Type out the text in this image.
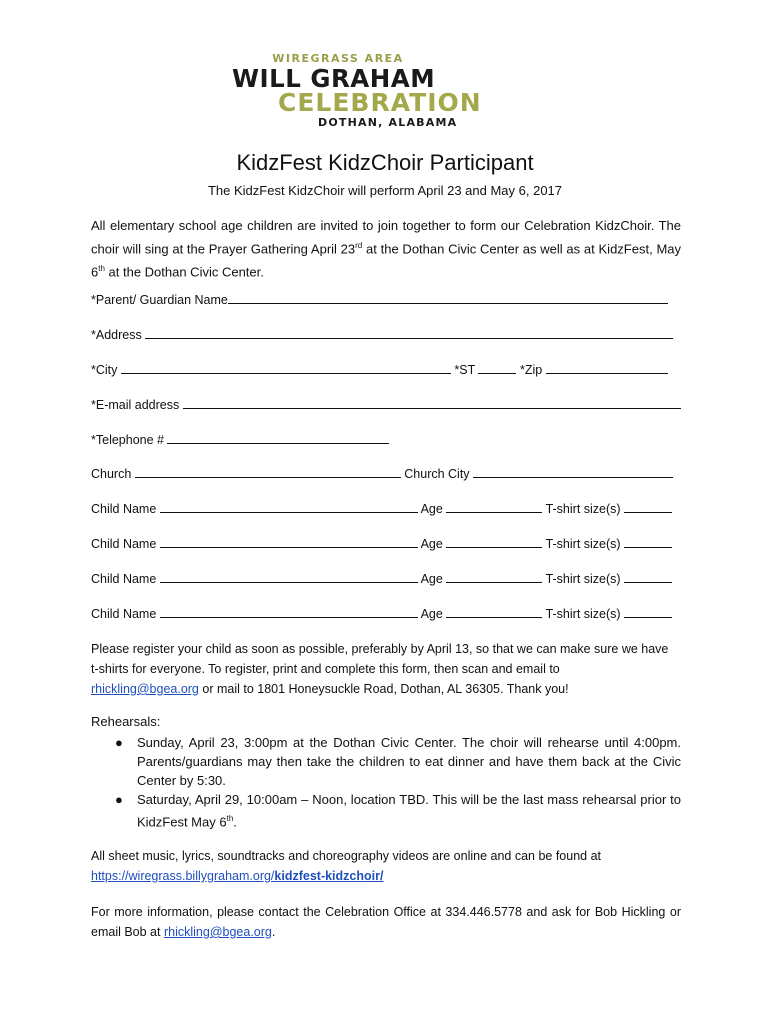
WIREGRASS AREA
WILL GRAHAM
CELEBRATION
DOTHAN, ALABAMA
KidzFest KidzChoir Participant
The KidzFest KidzChoir will perform April 23 and May 6, 2017
All elementary school age children are invited to join together to form our Celebration KidzChoir. The choir will sing at the Prayer Gathering April 23rd at the Dothan Civic Center as well as at KidzFest, May 6th at the Dothan Civic Center.
*Parent/ Guardian Name
*Address
*City	*ST	*Zip
*E-mail address
*Telephone #
Church	Church City
Child Name	Age	T-shirt size(s)
Child Name	Age	T-shirt size(s)
Child Name	Age	T-shirt size(s)
Child Name	Age	T-shirt size(s)
Please register your child as soon as possible, preferably by April 13, so that we can make sure we have
t-shirts for everyone. To register, print and complete this form, then scan and email to
rhickling@bgea.org or mail to 1801 Honeysuckle Road, Dothan, AL 36305. Thank you!
Rehearsals:
● Sunday, April 23, 3:00pm at the Dothan Civic Center. The choir will rehearse until 4:00pm. Parents/guardians may then take the children to eat dinner and have them back at the Civic Center by 5:30.
● Saturday, April 29, 10:00am – Noon, location TBD. This will be the last mass rehearsal prior to KidzFest May 6th.
All sheet music, lyrics, soundtracks and choreography videos are online and can be found at
https://wiregrass.billygraham.org/kidzfest-kidzchoir/
For more information, please contact the Celebration Office at 334.446.5778 and ask for Bob Hickling or email Bob at rhickling@bgea.org.
